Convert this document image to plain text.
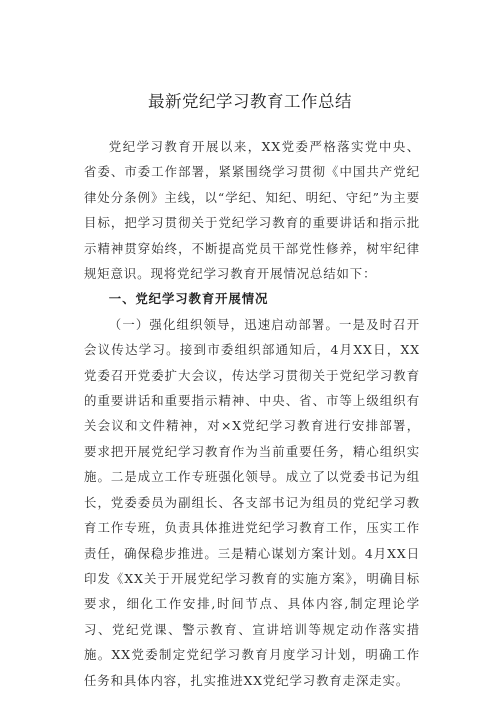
最新党纪学习教育工作总结

党纪学习教育开展以来，XX党委严格落实党中央、省委、市委工作部署，紧紧围绕学习贯彻《中国共产党纪律处分条例》主线，以“学纪、知纪、明纪、守纪”为主要目标，把学习贯彻关于党纪学习教育的重要讲话和指示批示精神贯穿始终，不断提高党员干部党性修养，树牢纪律规矩意识。现将党纪学习教育开展情况总结如下：

一、党纪学习教育开展情况

（一）强化组织领导，迅速启动部署。一是及时召开会议传达学习。接到市委组织部通知后，4月XX日，XX党委召开党委扩大会议，传达学习贯彻关于党纪学习教育的重要讲话和重要指示精神、中央、省、市等上级组织有关会议和文件精神，对×X党纪学习教育进行安排部署，要求把开展党纪学习教育作为当前重要任务，精心组织实施。二是成立工作专班强化领导。成立了以党委书记为组长，党委委员为副组长、各支部书记为组员的党纪学习教育工作专班，负责具体推进党纪学习教育工作，压实工作责任，确保稳步推进。三是精心谋划方案计划。4月XX日印发《XX关于开展党纪学习教育的实施方案》，明确目标要求，细化工作安排,时间节点、具体内容,制定理论学习、党纪党课、警示教育、宣讲培训等规定动作落实措施。XX党委制定党纪学习教育月度学习计划，明确工作任务和具体内容，扎实推进XX党纪学习教育走深走实。
